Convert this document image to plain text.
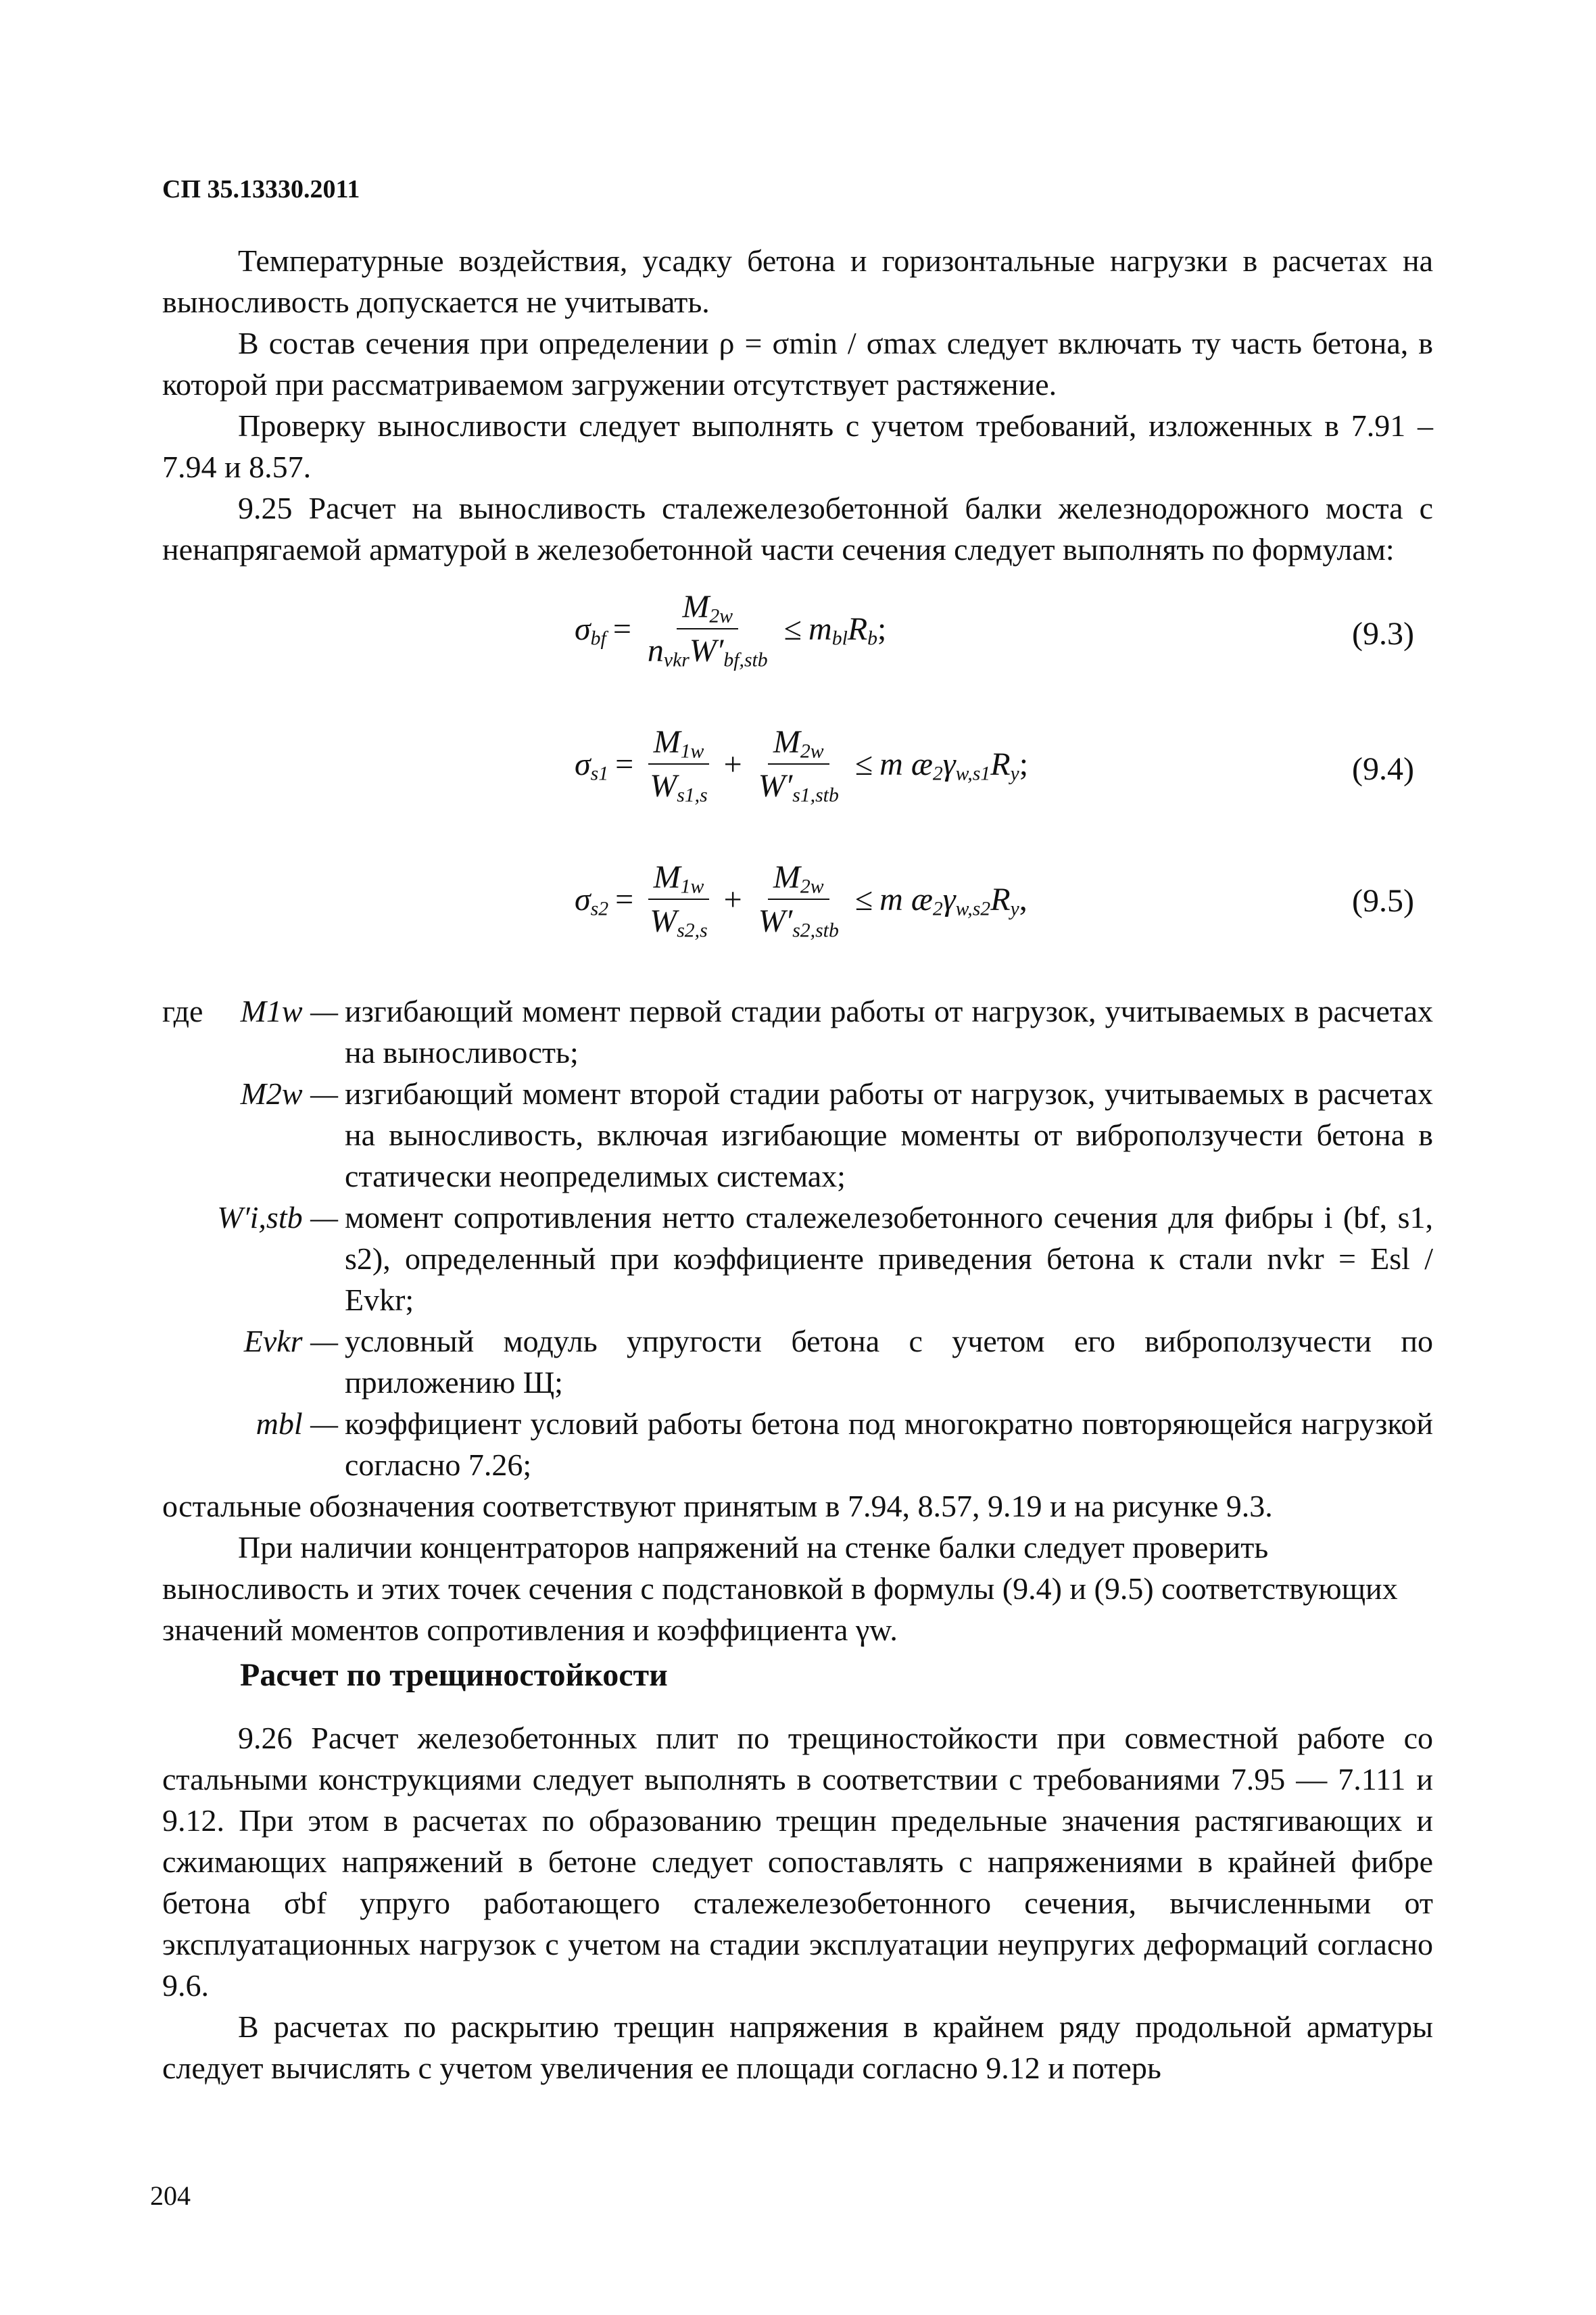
СП 35.13330.2011

Температурные воздействия, усадку бетона и горизонтальные нагрузки в расчетах на выносливость допускается не учитывать.

В состав сечения при определении ρ = σmin / σmax следует включать ту часть бетона, в которой при рассматриваемом загружении отсутствует растяжение.

Проверку выносливости следует выполнять с учетом требований, изложенных в 7.91 – 7.94 и 8.57.

9.25 Расчет на выносливость сталежелезобетонной балки железнодорожного моста с ненапрягаемой арматурой в железобетонной части сечения следует выполнять по формулам:

$\sigma_{bf} = \frac{M_{2w}}{n_{vkr}W'_{bf,stb}} \le m_{bl}R_b$ ;	(9.3)
$\sigma_{s1} = \frac{M_{1w}}{W_{s1,s}} + \frac{M_{2w}}{W'_{s1,stb}} \le m$ $æ_2\gamma_{w,s1}R_y$ ;	(9.4)
$\sigma_{s2} = \frac{M_{1w}}{W_{s2,s}} + \frac{M_{2w}}{W'_{s2,stb}} \le m$ $æ_2\gamma_{w,s2}R_y$ ,	(9.5)
где	M1w — изгибающий момент первой стадии работы от нагрузок, учитываемых в расчетах на выносливость;
M2w — изгибающий момент второй стадии работы от нагрузок, учитываемых в расчетах на выносливость, включая изгибающие моменты от виброползучести бетона в статически неопределимых системах;
W′i,stb — момент сопротивления нетто сталежелезобетонного сечения для фибры i (bf, s1, s2), определенный при коэффициенте приведения бетона к стали nvkr = Esl / Evkr;
Evkr — условный модуль упругости бетона с учетом его виброползучести по приложению Щ;
mbl — коэффициент условий работы бетона под многократно повторяющейся нагрузкой согласно 7.26;

остальные обозначения соответствуют принятым в 7.94, 8.57, 9.19 и на рисунке 9.3.

При наличии концентраторов напряжений на стенке балки следует проверить выносливость и этих точек сечения с подстановкой в формулы (9.4) и (9.5) соответствующих значений моментов сопротивления и коэффициента γw.

Расчет по трещиностойкости

9.26 Расчет железобетонных плит по трещиностойкости при совместной работе со стальными конструкциями следует выполнять в соответствии с требованиями 7.95 — 7.111 и 9.12. При этом в расчетах по образованию трещин предельные значения растягивающих и сжимающих напряжений в бетоне следует сопоставлять с напряжениями в крайней фибре бетона σbf упруго работающего сталежелезобетонного сечения, вычисленными от эксплуатационных нагрузок с учетом на стадии эксплуатации неупругих деформаций согласно 9.6.

В расчетах по раскрытию трещин напряжения в крайнем ряду продольной арматуры следует вычислять с учетом увеличения ее площади согласно 9.12 и потерь

204
